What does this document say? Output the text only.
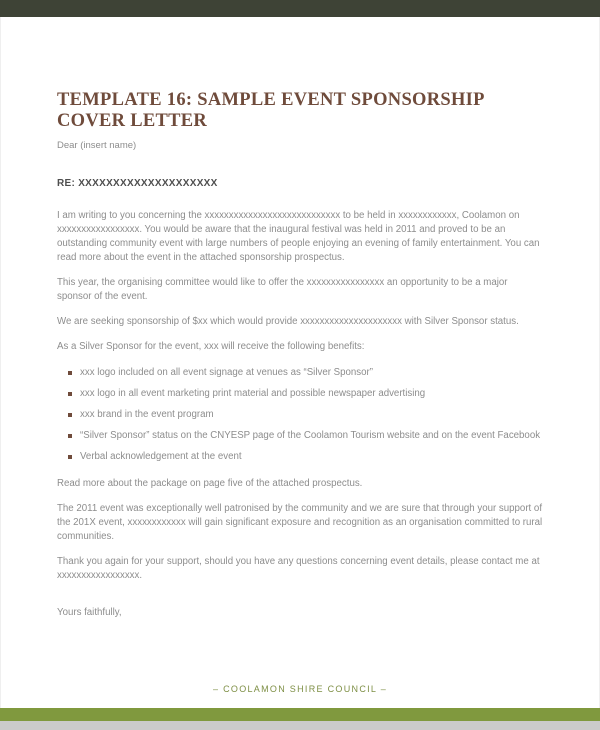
TEMPLATE 16: SAMPLE EVENT SPONSORSHIP
COVER LETTER
Dear (insert name)
RE: XXXXXXXXXXXXXXXXXXXX

I am writing to you concerning the xxxxxxxxxxxxxxxxxxxxxxxxxxxx to be held in xxxxxxxxxxxx, Coolamon on xxxxxxxxxxxxxxxxx. You would be aware that the inaugural festival was held in 2011 and proved to be an outstanding community event with large numbers of people enjoying an evening of family entertainment. You can read more about the event in the attached sponsorship prospectus.

This year, the organising committee would like to offer the xxxxxxxxxxxxxxxx an opportunity to be a major sponsor of the event.

We are seeking sponsorship of $xx which would provide xxxxxxxxxxxxxxxxxxxxx with Silver Sponsor status.

As a Silver Sponsor for the event, xxx will receive the following benefits:

xxx logo included on all event signage at venues as “Silver Sponsor”
xxx logo in all event marketing print material and possible newspaper advertising
xxx brand in the event program
“Silver Sponsor” status on the CNYESP page of the Coolamon Tourism website and on the event Facebook
Verbal acknowledgement at the event

Read more about the package on page five of the attached prospectus.

The 2011 event was exceptionally well patronised by the community and we are sure that through your support of the 201X event, xxxxxxxxxxxx will gain significant exposure and recognition as an organisation committed to rural communities.

Thank you again for your support, should you have any questions concerning event details, please contact me at xxxxxxxxxxxxxxxxx.

Yours faithfully,
– COOLAMON SHIRE COUNCIL –
